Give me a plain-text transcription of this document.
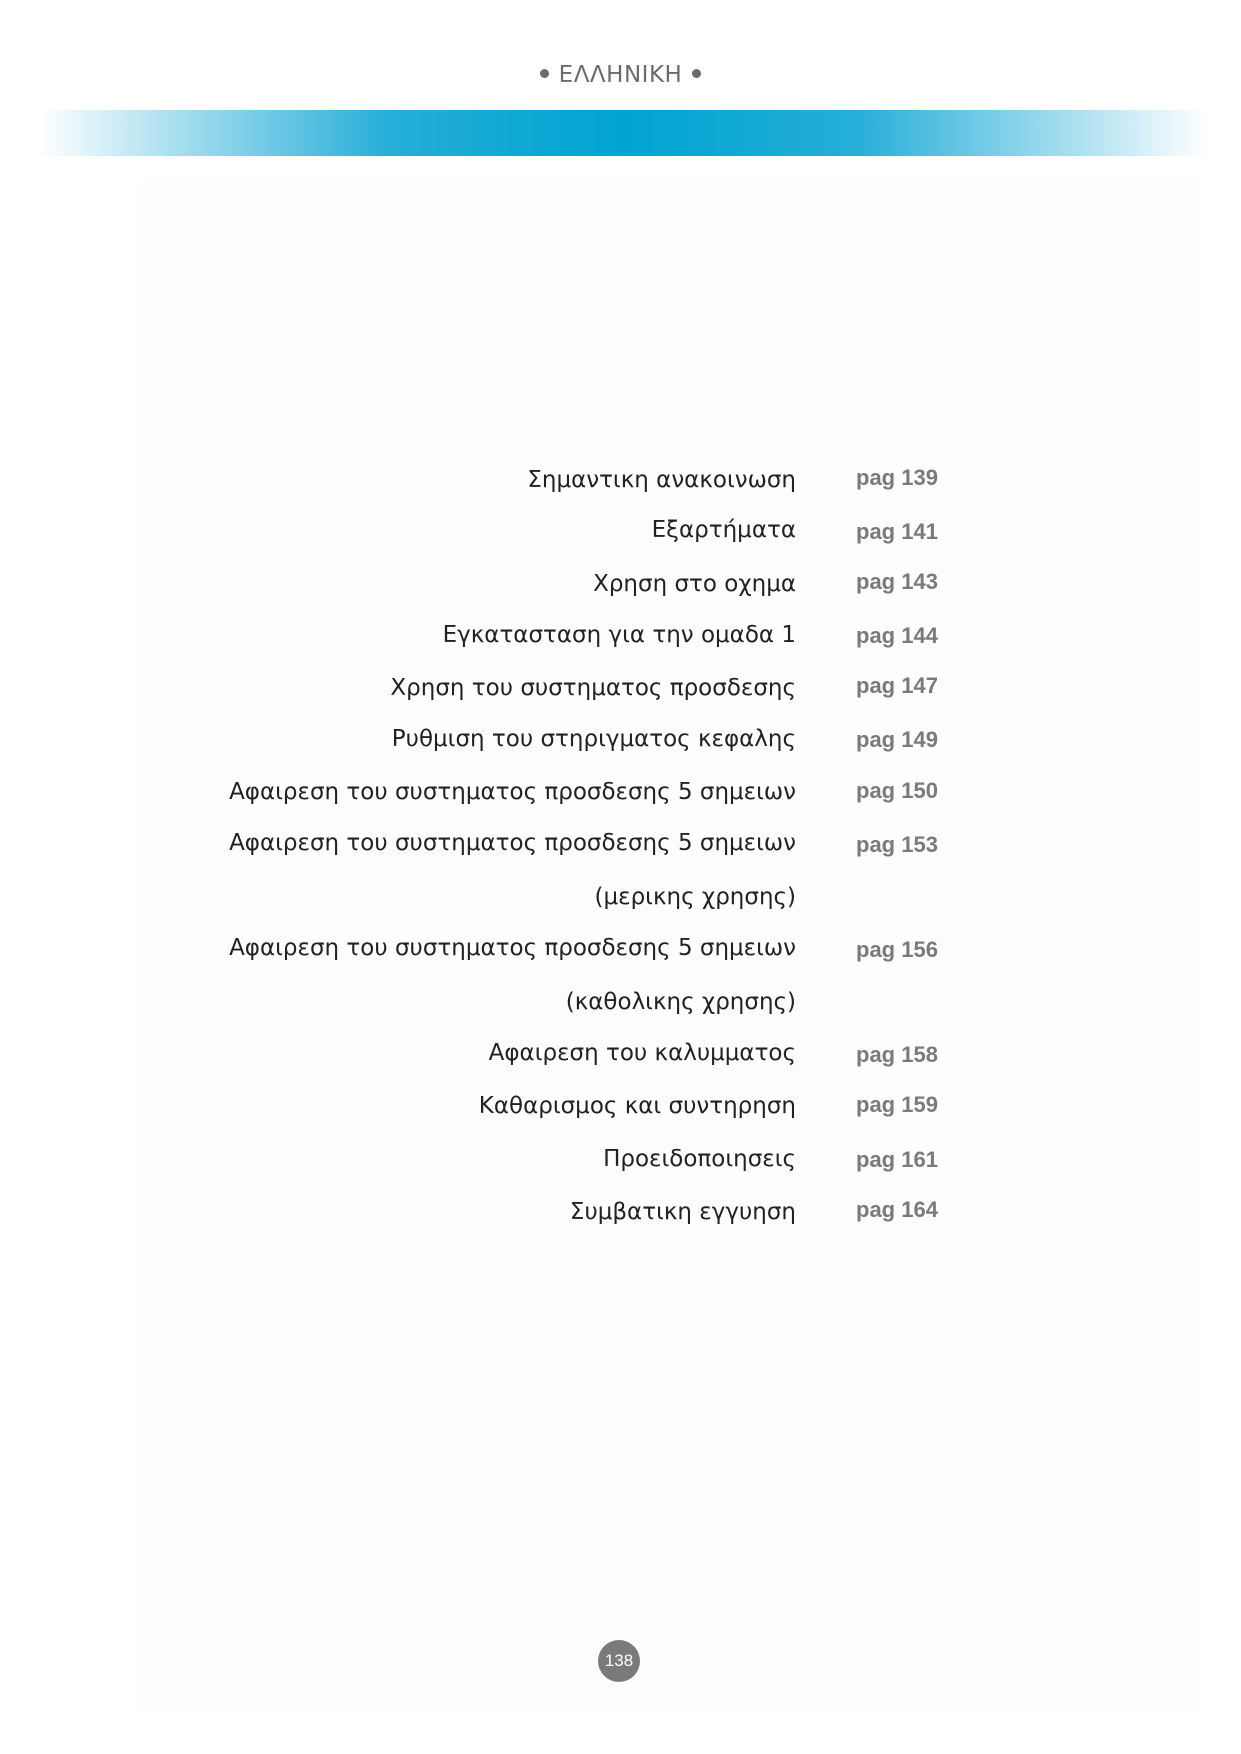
ΕΛΛΗΝΙΚΗ
Σημαντικη ανακοινωση	pag 139
Εξαρτήματα	pag 141
Χρηση στο οχημα	pag 143
Εγκατασταση για την ομαδα 1	pag 144
Χρηση του συστηματος προσδεσης	pag 147
Ρυθμιση του στηριγματος κεφαλης	pag 149
Αφαιρεση του συστηματος προσδεσης 5 σημειων	pag 150
Αφαιρεση του συστηματος προσδεσης 5 σημειων	pag 153
(μερικης χρησης)
Αφαιρεση του συστηματος προσδεσης 5 σημειων	pag 156
(καθολικης χρησης)
Αφαιρεση του καλυμματος	pag 158
Καθαρισμος και συντηρηση	pag 159
Προειδοποιησεις	pag 161
Συμβατικη εγγυηση	pag 164
138
